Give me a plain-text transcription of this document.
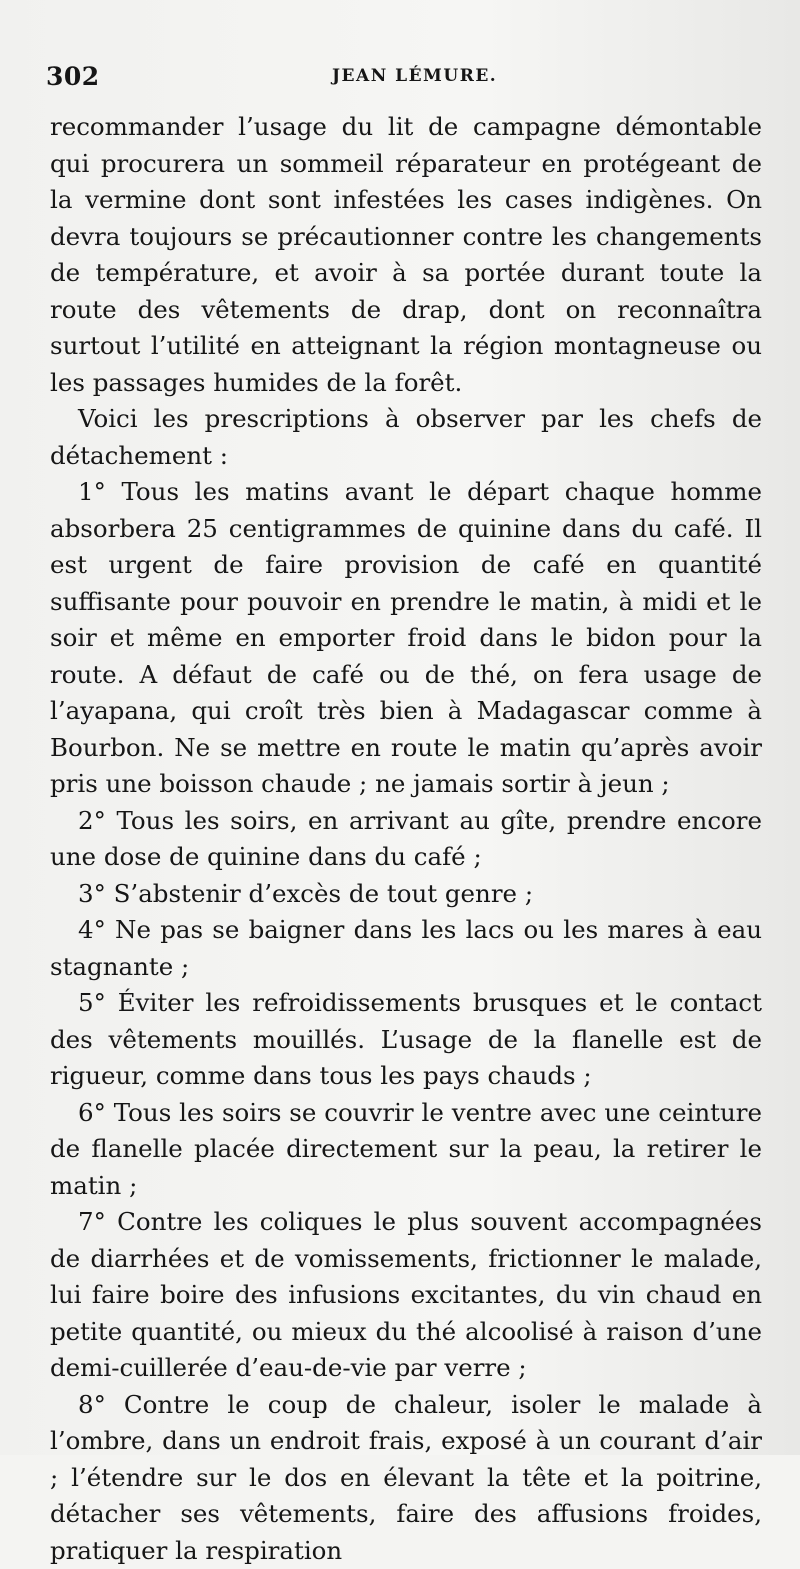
302	JEAN LÉMURE.

recommander l’usage du lit de campagne démontable qui procurera un sommeil réparateur en protégeant de la vermine dont sont infestées les cases indigènes. On devra toujours se précautionner contre les changements de température, et avoir à sa portée durant toute la route des vêtements de drap, dont on reconnaîtra surtout l’utilité en atteignant la région montagneuse ou les passages humides de la forêt.

Voici les prescriptions à observer par les chefs de détachement :

1° Tous les matins avant le départ chaque homme absorbera 25 centigrammes de quinine dans du café. Il est urgent de faire provision de café en quantité suffisante pour pouvoir en prendre le matin, à midi et le soir et même en emporter froid dans le bidon pour la route. A défaut de café ou de thé, on fera usage de l’ayapana, qui croît très bien à Madagascar comme à Bourbon. Ne se mettre en route le matin qu’après avoir pris une boisson chaude ; ne jamais sortir à jeun ;

2° Tous les soirs, en arrivant au gîte, prendre encore une dose de quinine dans du café ;

3° S’abstenir d’excès de tout genre ;

4° Ne pas se baigner dans les lacs ou les mares à eau stagnante ;

5° Éviter les refroidissements brusques et le contact des vêtements mouillés. L’usage de la flanelle est de rigueur, comme dans tous les pays chauds ;

6° Tous les soirs se couvrir le ventre avec une ceinture de flanelle placée directement sur la peau, la retirer le matin ;

7° Contre les coliques le plus souvent accompagnées de diarrhées et de vomissements, frictionner le malade, lui faire boire des infusions excitantes, du vin chaud en petite quantité, ou mieux du thé alcoolisé à raison d’une demi-cuillerée d’eau-de-vie par verre ;

8° Contre le coup de chaleur, isoler le malade à l’ombre, dans un endroit frais, exposé à un courant d’air ; l’étendre sur le dos en élevant la tête et la poitrine, détacher ses vêtements, faire des affusions froides, pratiquer la respiration
